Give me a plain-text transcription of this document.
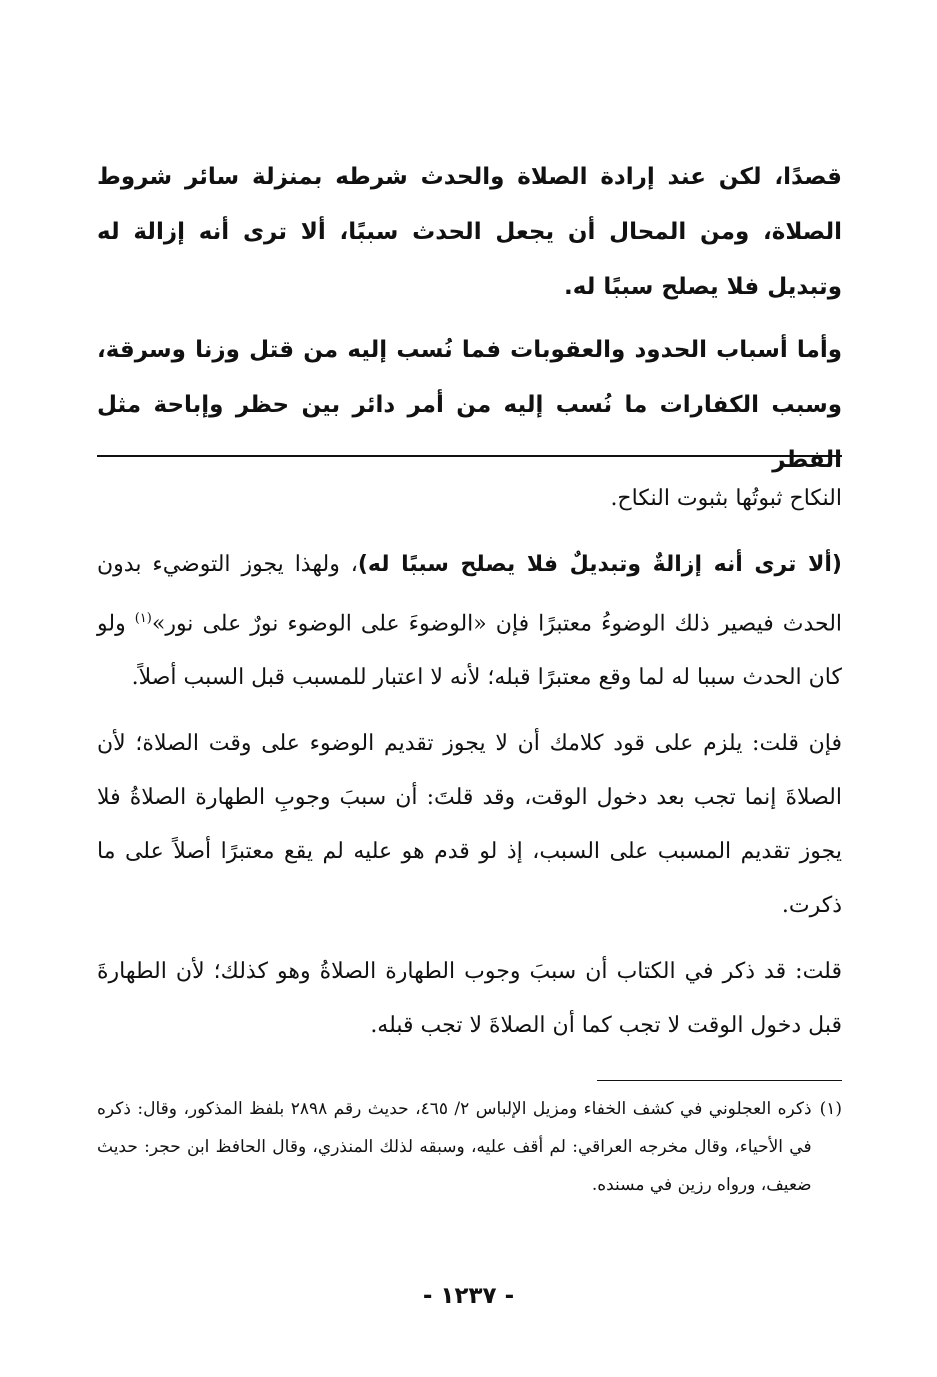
قصدًا، لكن عند إرادة الصلاة والحدث شرطه بمنزلة سائر شروط الصلاة، ومن المحال أن يجعل الحدث سببًا، ألا ترى أنه إزالة له وتبديل فلا يصلح سببًا له.

وأما أسباب الحدود والعقوبات فما نُسب إليه من قتل وزنا وسرقة، وسبب الكفارات ما نُسب إليه من أمر دائر بين حظر وإباحة مثل الفطر

النكاح ثبوتُها بثبوت النكاح.

(ألا ترى أنه إزالةٌ وتبديلٌ فلا يصلح سببًا له)، ولهذا يجوز التوضيء بدون الحدث فيصير ذلك الوضوءُ معتبرًا فإن «الوضوءَ على الوضوء نورٌ على نور»$^{(١)}$ ولو كان الحدث سببا له لما وقع معتبرًا قبله؛ لأنه لا اعتبار للمسبب قبل السبب أصلاً.

فإن قلت: يلزم على قود كلامك أن لا يجوز تقديم الوضوء على وقت الصلاة؛ لأن الصلاةَ إنما تجب بعد دخول الوقت، وقد قلتَ: أن سببَ وجوبِ الطهارة الصلاةُ فلا يجوز تقديم المسبب على السبب، إذ لو قدم هو عليه لم يقع معتبرًا أصلاً على ما ذكرت.

قلت: قد ذكر في الكتاب أن سببَ وجوب الطهارة الصلاةُ وهو كذلك؛ لأن الطهارةَ قبل دخول الوقت لا تجب كما أن الصلاةَ لا تجب قبله.

(١)
ذكره العجلوني في كشف الخفاء ومزيل الإلباس ٢/ ٤٦٥، حديث رقم ٢٨٩٨ بلفظ المذكور، وقال: ذكره في الأحياء، وقال مخرجه العراقي: لم أقف عليه، وسبقه لذلك المنذري، وقال الحافظ ابن حجر: حديث ضعيف، ورواه رزين في مسنده.
- ١٢٣٧ -
